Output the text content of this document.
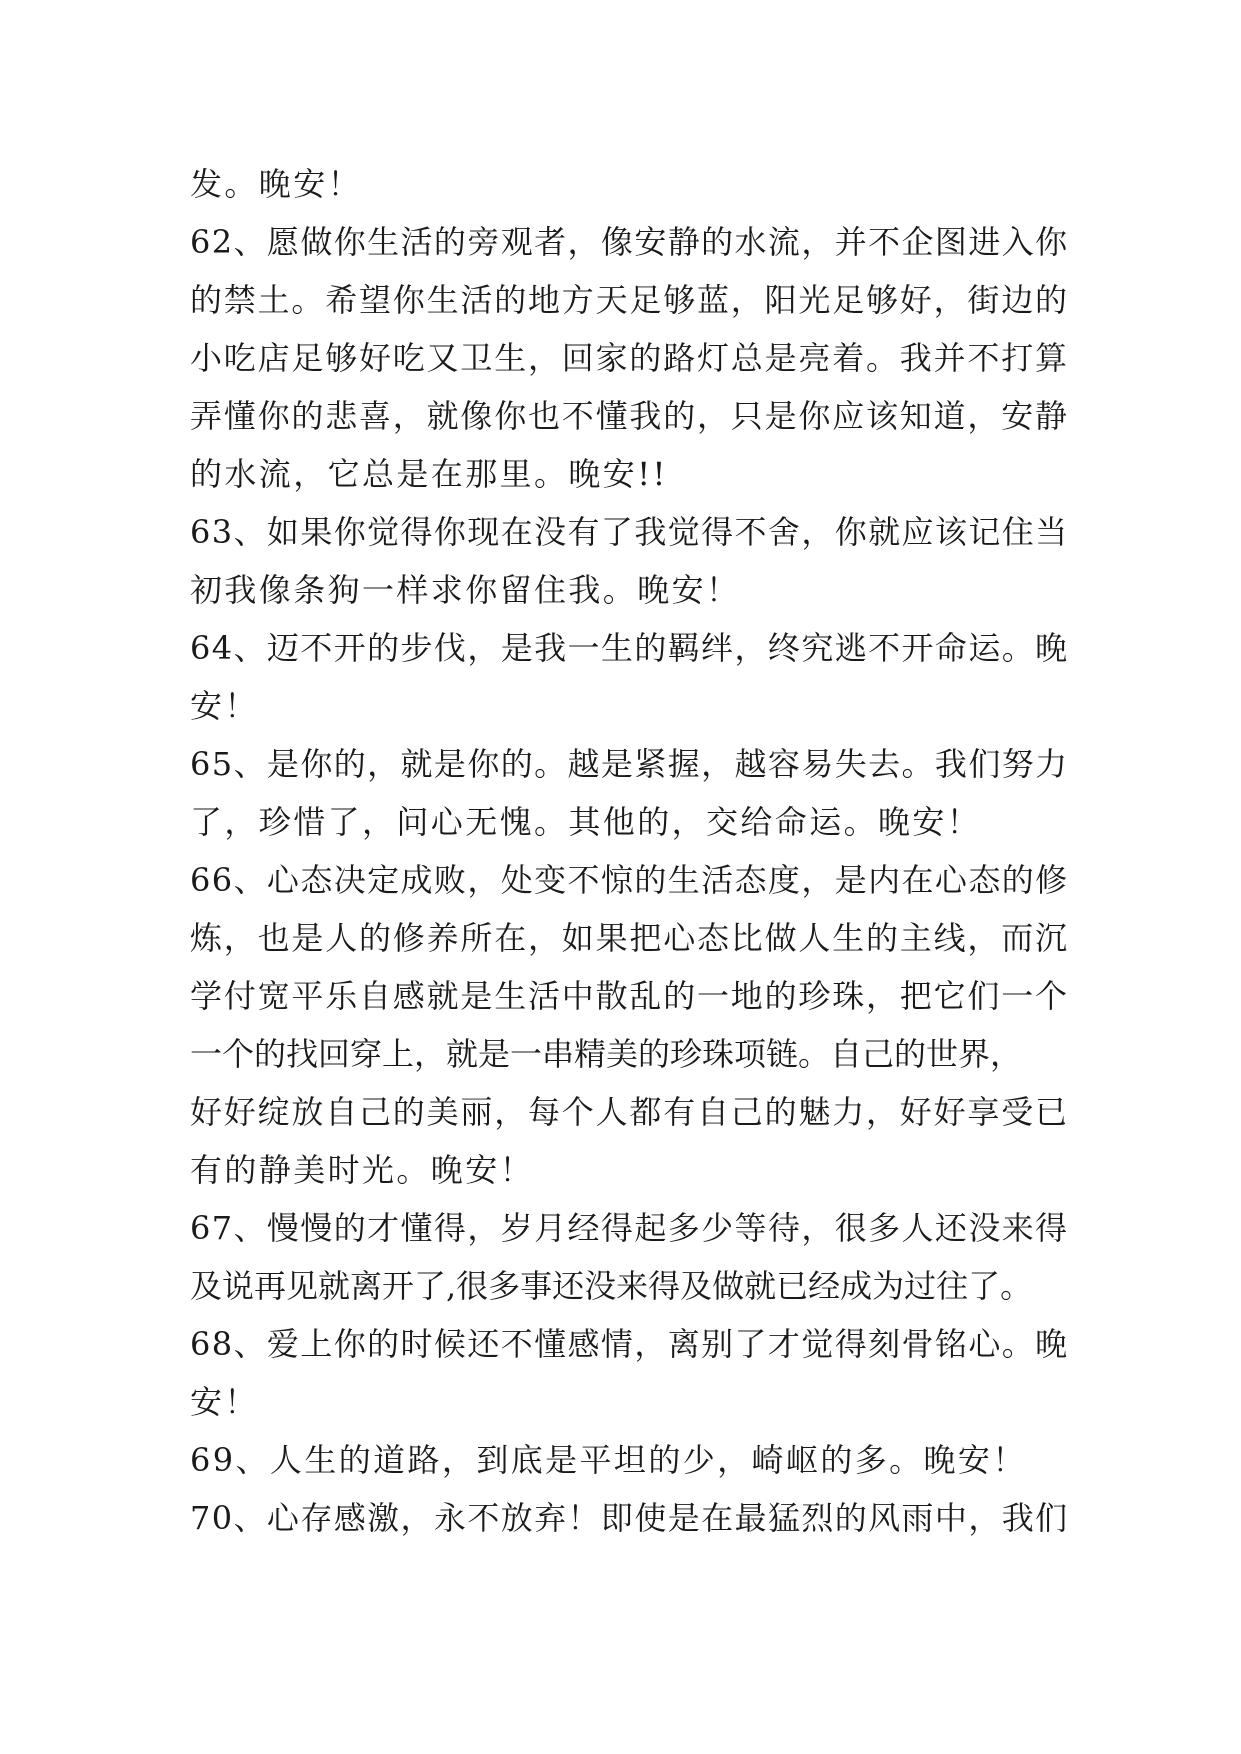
发。晚安！
62、愿做你生活的旁观者，像安静的水流，并不企图进入你
的禁土。希望你生活的地方天足够蓝，阳光足够好，街边的
小吃店足够好吃又卫生，回家的路灯总是亮着。我并不打算
弄懂你的悲喜，就像你也不懂我的，只是你应该知道，安静
的水流，它总是在那里。晚安!!
63、如果你觉得你现在没有了我觉得不舍，你就应该记住当
初我像条狗一样求你留住我。晚安！
64、迈不开的步伐，是我一生的羁绊，终究逃不开命运。晚
安！
65、是你的，就是你的。越是紧握，越容易失去。我们努力
了，珍惜了，问心无愧。其他的，交给命运。晚安！
66、心态决定成败，处变不惊的生活态度，是内在心态的修
炼，也是人的修养所在，如果把心态比做人生的主线，而沉
学付宽平乐自感就是生活中散乱的一地的珍珠，把它们一个
一个的找回穿上，就是一串精美的珍珠项链。自己的世界，
好好绽放自己的美丽，每个人都有自己的魅力，好好享受已
有的静美时光。晚安！
67、慢慢的才懂得，岁月经得起多少等待，很多人还没来得
及说再见就离开了,很多事还没来得及做就已经成为过往了。
68、爱上你的时候还不懂感情，离别了才觉得刻骨铭心。晚
安！
69、人生的道路，到底是平坦的少，崎岖的多。晚安！
70、心存感激，永不放弃！即使是在最猛烈的风雨中，我们
